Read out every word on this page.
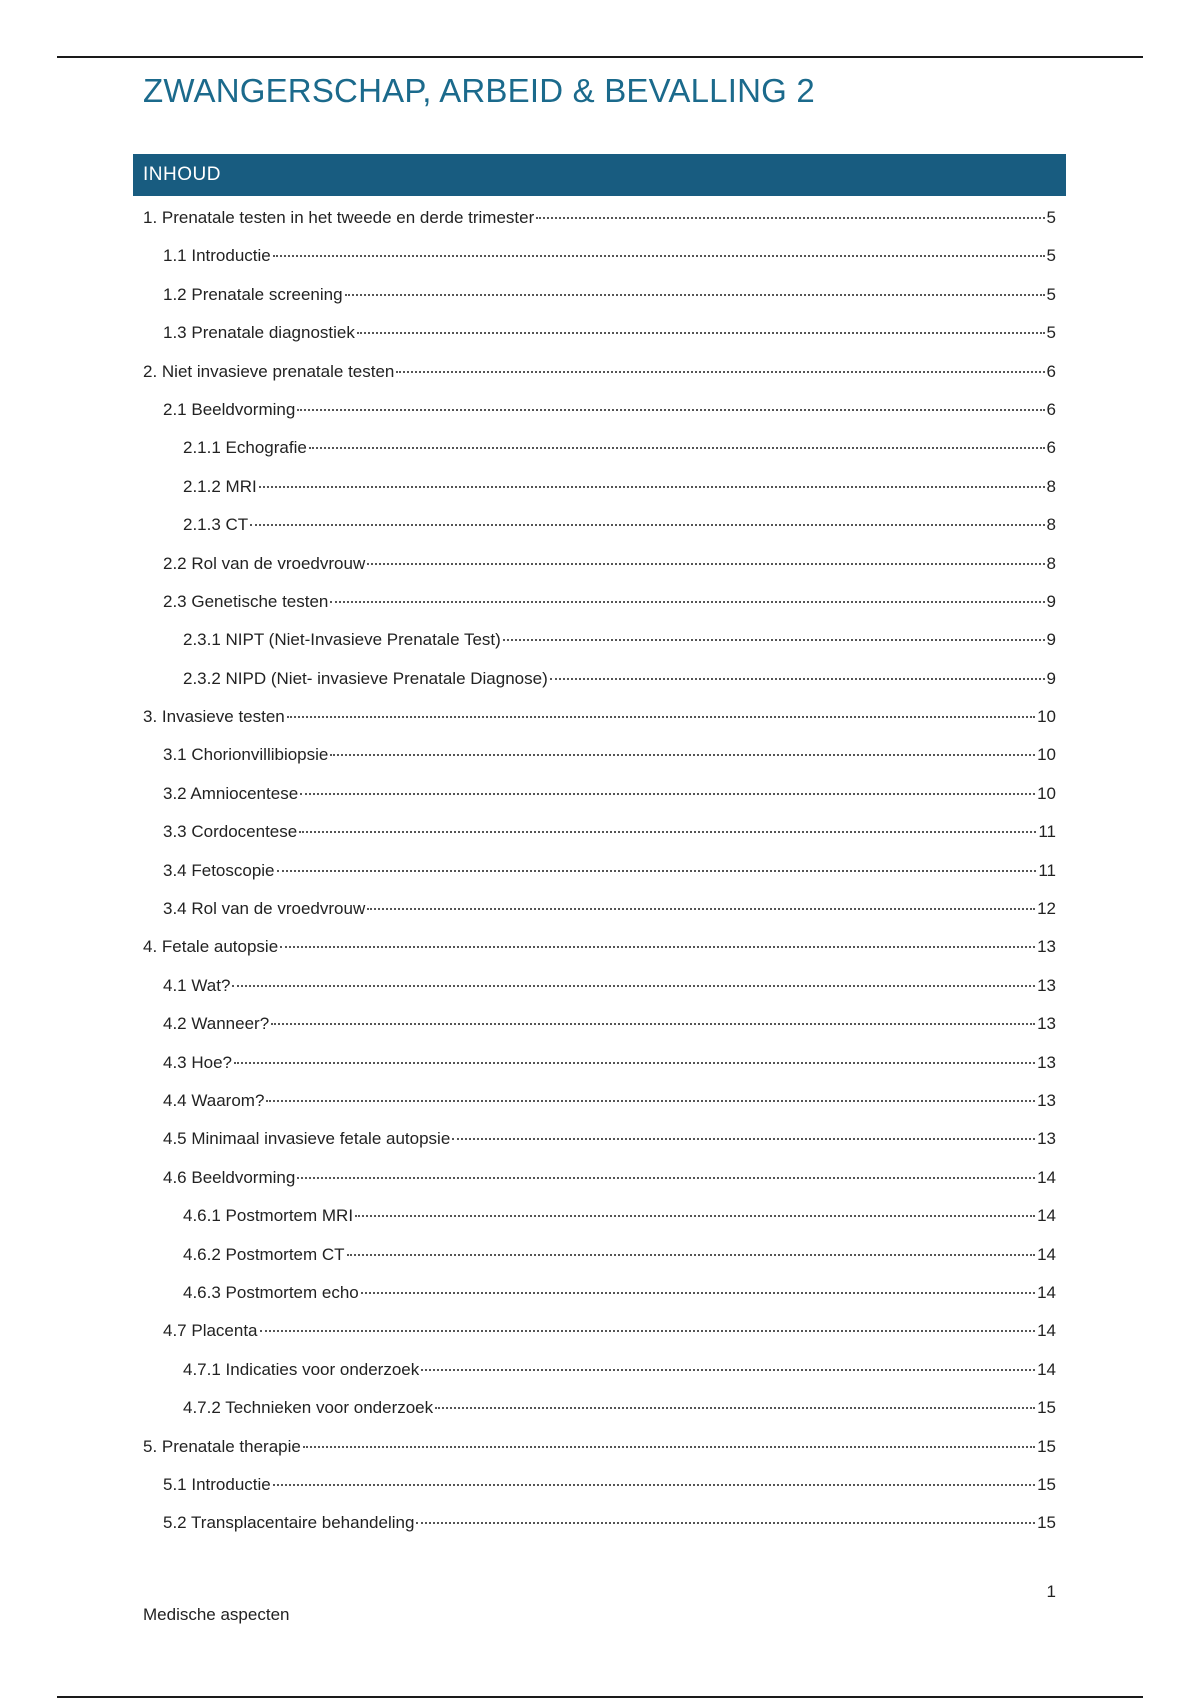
ZWANGERSCHAP, ARBEID & BEVALLING 2
INHOUD
1. Prenatale testen in het tweede en derde trimester	5
1.1 Introductie	5
1.2 Prenatale screening	5
1.3 Prenatale diagnostiek	5
2. Niet invasieve prenatale testen	6
2.1 Beeldvorming	6
2.1.1 Echografie	6
2.1.2 MRI	8
2.1.3 CT	8
2.2 Rol van de vroedvrouw	8
2.3 Genetische testen	9
2.3.1 NIPT (Niet-Invasieve Prenatale Test)	9
2.3.2 NIPD (Niet- invasieve Prenatale Diagnose)	9
3. Invasieve testen	10
3.1 Chorionvillibiopsie	10
3.2 Amniocentese	10
3.3 Cordocentese	11
3.4 Fetoscopie	11
3.4 Rol van de vroedvrouw	12
4. Fetale autopsie	13
4.1 Wat?	13
4.2 Wanneer?	13
4.3 Hoe?	13
4.4 Waarom?	13
4.5 Minimaal invasieve fetale autopsie	13
4.6 Beeldvorming	14
4.6.1 Postmortem MRI	14
4.6.2 Postmortem CT	14
4.6.3 Postmortem echo	14
4.7 Placenta	14
4.7.1 Indicaties voor onderzoek	14
4.7.2 Technieken voor onderzoek	15
5. Prenatale therapie	15
5.1 Introductie	15
5.2 Transplacentaire behandeling	15
1
Medische aspecten
